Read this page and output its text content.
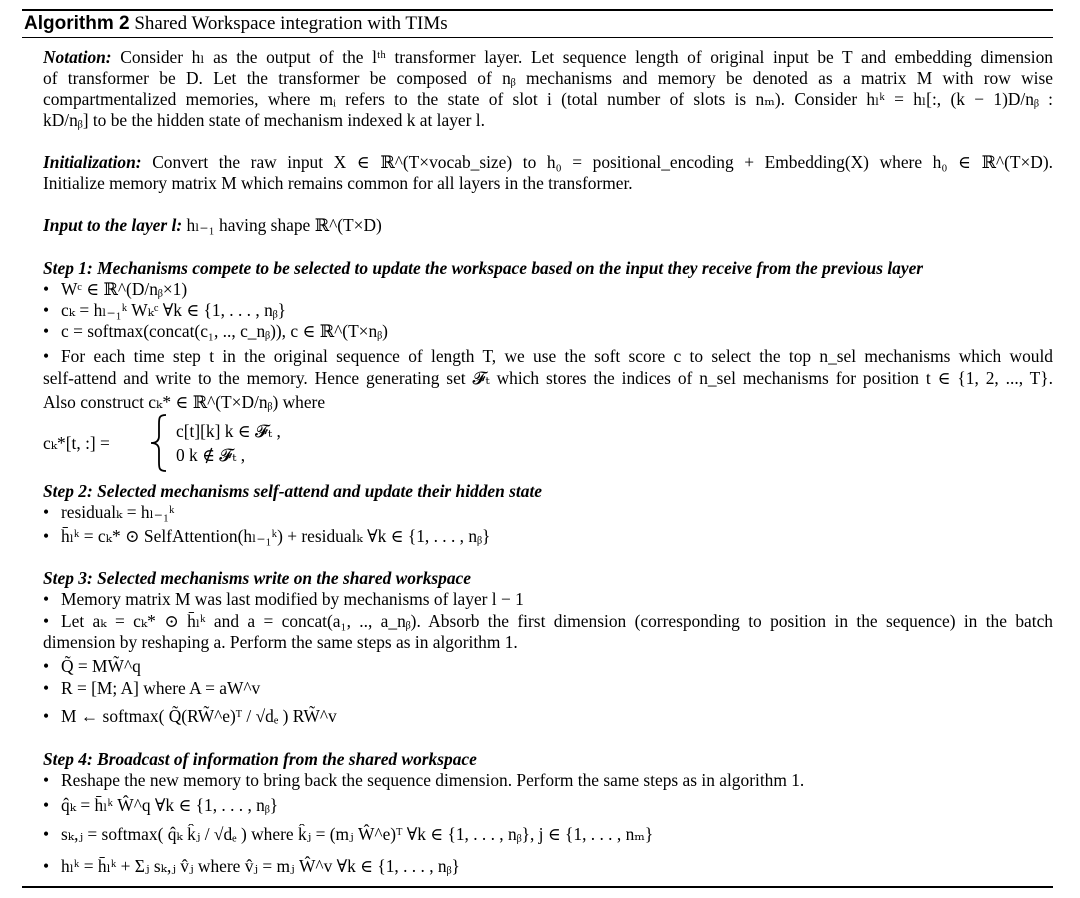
Algorithm 2 Shared Workspace integration with TIMs
Notation: Consider hₗ as the output of the lᵗʰ transformer layer. Let sequence length of original input be T and embedding dimension
of transformer be D. Let the transformer be composed of nᵦ mechanisms and memory be denoted as a matrix M with row wise
compartmentalized memories, where mᵢ refers to the state of slot i (total number of slots is nₘ). Consider hₗᵏ = hₗ[:, (k − 1)D/nᵦ :
kD/nᵦ] to be the hidden state of mechanism indexed k at layer l.
Initialization: Convert the raw input X ∈ ℝ^(T×vocab_size) to h₀ = positional_encoding + Embedding(X) where h₀ ∈ ℝ^(T×D).
Initialize memory matrix M which remains common for all layers in the transformer.
Input to the layer l: hₗ₋₁ having shape ℝ^(T×D)
Step 1: Mechanisms compete to be selected to update the workspace based on the input they receive from the previous layer
• Wᶜ ∈ ℝ^(D/nᵦ×1)
• cₖ = hₗ₋₁ᵏ Wₖᶜ ∀k ∈ {1, . . . , nᵦ}
• c = softmax(concat(c₁, .., c_nᵦ)), c ∈ ℝ^(T×nᵦ)
• For each time step t in the original sequence of length T, we use the soft score c to select the top n_sel mechanisms which would
self-attend and write to the memory. Hence generating set 𝓕ₜ which stores the indices of n_sel mechanisms for position t ∈ {1, 2, ..., T}.
Also construct cₖ* ∈ ℝ^(T×D/nᵦ) where
cₖ*[t, :] =
c[t][k] k ∈ 𝓕ₜ ,
0 k ∉ 𝓕ₜ ,
Step 2: Selected mechanisms self-attend and update their hidden state
• residualₖ = hₗ₋₁ᵏ
• h̄ₗᵏ = cₖ* ⊙ SelfAttention(hₗ₋₁ᵏ) + residualₖ ∀k ∈ {1, . . . , nᵦ}
Step 3: Selected mechanisms write on the shared workspace
• Memory matrix M was last modified by mechanisms of layer l − 1
• Let aₖ = cₖ* ⊙ h̄ₗᵏ and a = concat(a₁, .., a_nᵦ). Absorb the first dimension (corresponding to position in the sequence) in the batch
dimension by reshaping a. Perform the same steps as in algorithm 1.
• Q̃ = MW̃^q
• R = [M; A] where A = aW^v
• M ← softmax( Q̃(RW̃^e)ᵀ / √dₑ ) RW̃^v
Step 4: Broadcast of information from the shared workspace
• Reshape the new memory to bring back the sequence dimension. Perform the same steps as in algorithm 1.
• q̂ₖ = h̄ₗᵏ Ŵ^q ∀k ∈ {1, . . . , nᵦ}
• sₖ,ⱼ = softmax( q̂ₖ k̂ⱼ / √dₑ ) where k̂ⱼ = (mⱼ Ŵ^e)ᵀ ∀k ∈ {1, . . . , nᵦ}, j ∈ {1, . . . , nₘ}
• hₗᵏ = h̄ₗᵏ + Σⱼ sₖ,ⱼ v̂ⱼ where v̂ⱼ = mⱼ Ŵ^v ∀k ∈ {1, . . . , nᵦ}
